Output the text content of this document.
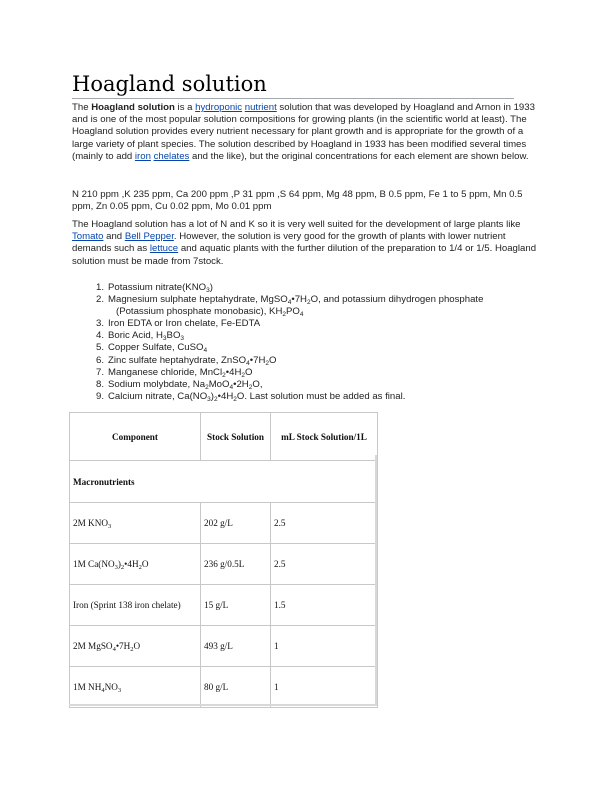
Hoagland solution

The Hoagland solution is a hydroponic nutrient solution that was developed by Hoagland and Arnon in 1933 and is one of the most popular solution compositions for growing plants (in the scientific world at least). The Hoagland solution provides every nutrient necessary for plant growth and is appropriate for the growth of a large variety of plant species. The solution described by Hoagland in 1933 has been modified several times (mainly to add iron chelates and the like), but the original concentrations for each element are shown below.

N 210 ppm ,K 235 ppm, Ca 200 ppm ,P 31 ppm ,S 64 ppm, Mg 48 ppm, B 0.5 ppm, Fe 1 to 5 ppm, Mn 0.5 ppm, Zn 0.05 ppm, Cu 0.02 ppm, Mo 0.01 ppm

The Hoagland solution has a lot of N and K so it is very well suited for the development of large plants like Tomato and Bell Pepper. However, the solution is very good for the growth of plants with lower nutrient demands such as lettuce and aquatic plants with the further dilution of the preparation to 1/4 or 1/5. Hoagland solution must be made from 7stock.

1. Potassium $nitrate(KNO_3)$
2. Magnesium sulphate heptahydrate, $MgSO_4•7H_2O$, and potassium dihydrogen phosphate
(Potassium phosphate monobasic), $KH_2PO_4$
3. Iron EDTA or Iron chelate, Fe-EDTA
4. Boric Acid, $H_3BO_3$
5. Copper Sulfate, CuSO$_4$
6. Zinc sulfate heptahydrate, $ZnSO_4•7H_2O$
7. Manganese chloride, $MnCl_2•4H_2O$
8. Sodium molybdate, $Na_2MoO_4•2H_2O$,
9. Calcium nitrate, $Ca(NO_3)_2•4H_2O$. Last solution must be added as final.
Component	Stock Solution	mL Stock Solution/1L
Macronutrients		
2M $KNO_3$	202 g/L	2.5
1M $Ca(NO_3)_2•4H_2O$	236 g/0.5L	2.5
Iron (Sprint 138 iron chelate)	15 g/L	1.5
2M $MgSO_4•7H_2O$	493 g/L	1
1M $NH_4NO_3$	80 g/L	1
